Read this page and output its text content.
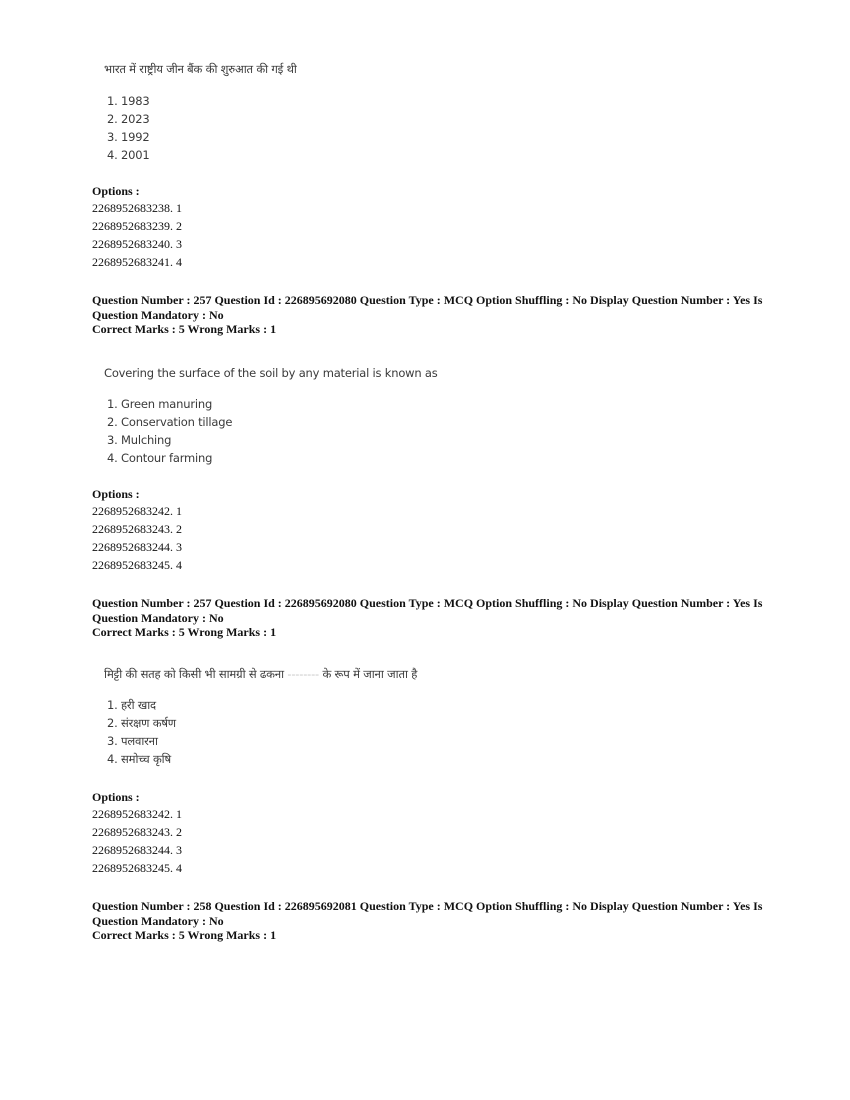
भारत में राष्ट्रीय जीन बैंक की शुरुआत की गई थी
1. 1983
2. 2023
3. 1992
4. 2001
Options :
2268952683238. 1
2268952683239. 2
2268952683240. 3
2268952683241. 4
Question Number : 257 Question Id : 226895692080 Question Type : MCQ Option Shuffling : No Display Question Number : Yes Is
Question Mandatory : No
Correct Marks : 5 Wrong Marks : 1
Covering the surface of the soil by any material is known as
1. Green manuring
2. Conservation tillage
3. Mulching
4. Contour farming
Options :
2268952683242. 1
2268952683243. 2
2268952683244. 3
2268952683245. 4
Question Number : 257 Question Id : 226895692080 Question Type : MCQ Option Shuffling : No Display Question Number : Yes Is
Question Mandatory : No
Correct Marks : 5 Wrong Marks : 1
मिट्टी की सतह को किसी भी सामग्री से ढकना -------- के रूप में जाना जाता है
1. हरी खाद
2. संरक्षण कर्षण
3. पलवारना
4. समोच्च कृषि
Options :
2268952683242. 1
2268952683243. 2
2268952683244. 3
2268952683245. 4
Question Number : 258 Question Id : 226895692081 Question Type : MCQ Option Shuffling : No Display Question Number : Yes Is
Question Mandatory : No
Correct Marks : 5 Wrong Marks : 1
